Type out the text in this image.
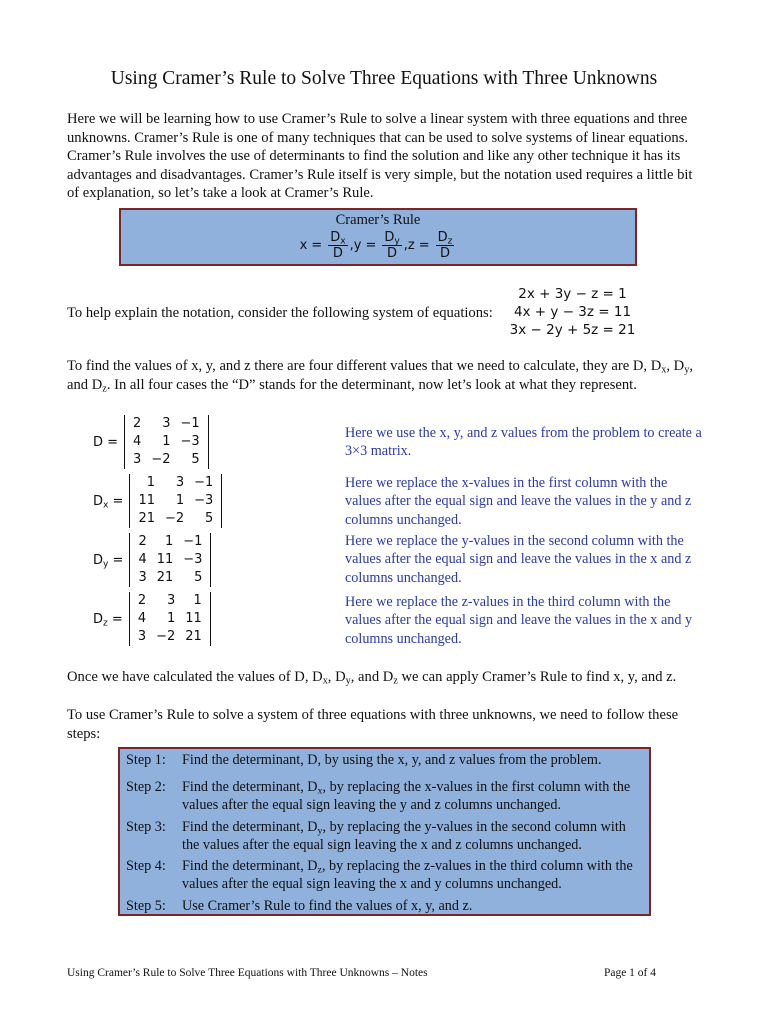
Using Cramer’s Rule to Solve Three Equations with Three Unknowns
Here we will be learning how to use Cramer’s Rule to solve a linear system with three equations and three unknowns. Cramer’s Rule is one of many techniques that can be used to solve systems of linear equations. Cramer’s Rule involves the use of determinants to find the solution and like any other technique it has its advantages and disadvantages. Cramer’s Rule itself is very simple, but the notation used requires a little bit of explanation, so let’s take a look at Cramer’s Rule.
Cramer’s Rule
$x = \frac{D_x}{D}$ , $y = \frac{D_y}{D}$ , $z = \frac{D_z}{D}$
2x + 3y − z = 1
To help explain the notation, consider the following system of equations:	4x + y − 3z = 11
3x − 2y + 5z = 21
To find the values of x, y, and z there are four different values that we need to calculate, they are D, $D_x$, $D_y$, and $D_z$. In all four cases the “D” stands for the determinant, now let’s look at what they represent.
D =
2	3	−1
4	1	−3
3	−2	5
Here we use the x, y, and z values from the problem to create a 3×3 matrix.
$D_x$ =
1	3	−1
11	1	−3
21	−2	5
Here we replace the x-values in the first column with the values after the equal sign and leave the values in the y and z columns unchanged.
$D_y$ =
2	1	−1
4	11	−3
3	21	5
Here we replace the y-values in the second column with the values after the equal sign and leave the values in the x and z columns unchanged.
$D_z$ =
2	3	1
4	1	11
3	−2	21
Here we replace the z-values in the third column with the values after the equal sign and leave the values in the x and y columns unchanged.
Once we have calculated the values of D, $D_x$, $D_y$, and $D_z$ we can apply Cramer’s Rule to find x, y, and z.
To use Cramer’s Rule to solve a system of three equations with three unknowns, we need to follow these steps:
Step 1:	Find the determinant, D, by using the x, y, and z values from the problem.
Step 2:	Find the determinant, $D_x$, by replacing the x-values in the first column with the values after the equal sign leaving the y and z columns unchanged.
Step 3:	Find the determinant, $D_y$, by replacing the y-values in the second column with the values after the equal sign leaving the x and z columns unchanged.
Step 4:	Find the determinant, $D_z$, by replacing the z-values in the third column with the values after the equal sign leaving the x and y columns unchanged.
Step 5:	Use Cramer’s Rule to find the values of x, y, and z.
Using Cramer’s Rule to Solve Three Equations with Three Unknowns – Notes	Page 1 of 4
